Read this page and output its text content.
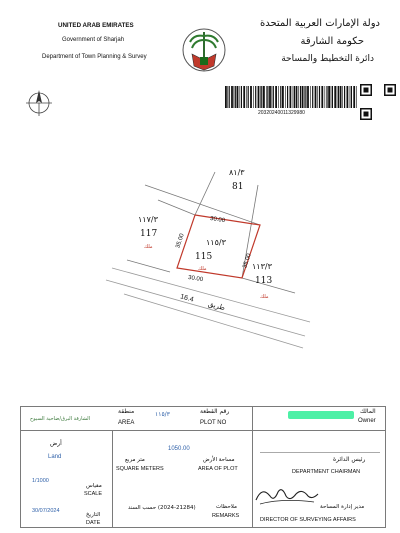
UNITED ARAB EMIRATES
Government of Sharjah
Department of Town Planning & Survey
دولة الإمارات العربية المتحدة
حكومة الشارقة
دائرة التخطيط والمساحة
20320240011329980
٨١/٣
81
١١٧/٣
117
ملك	١١٥/٣
115
ملك	١١٣/٣
113
ملك
30.00
30.00
35.00
35.00
16.4
طريق
الشارقة البرق/ضاحية السيوح
منطقة
AREA
١١٥/٣	رقم القطعة
PLOT NO
المالك
Owner
أرض
Land
1050.00
متر مربع
SQUARE METERS
مساحة الأرض
AREA OF PLOT
رئيس الدائرة
DEPARTMENT CHAIRMAN
1/1000
مقياس
SCALE
(2024-21284) حسب السند	ملاحظات
REMARKS
مدير إدارة المساحة
DIRECTOR OF SURVEYING AFFAIRS
30/07/2024
التاريخ
DATE
